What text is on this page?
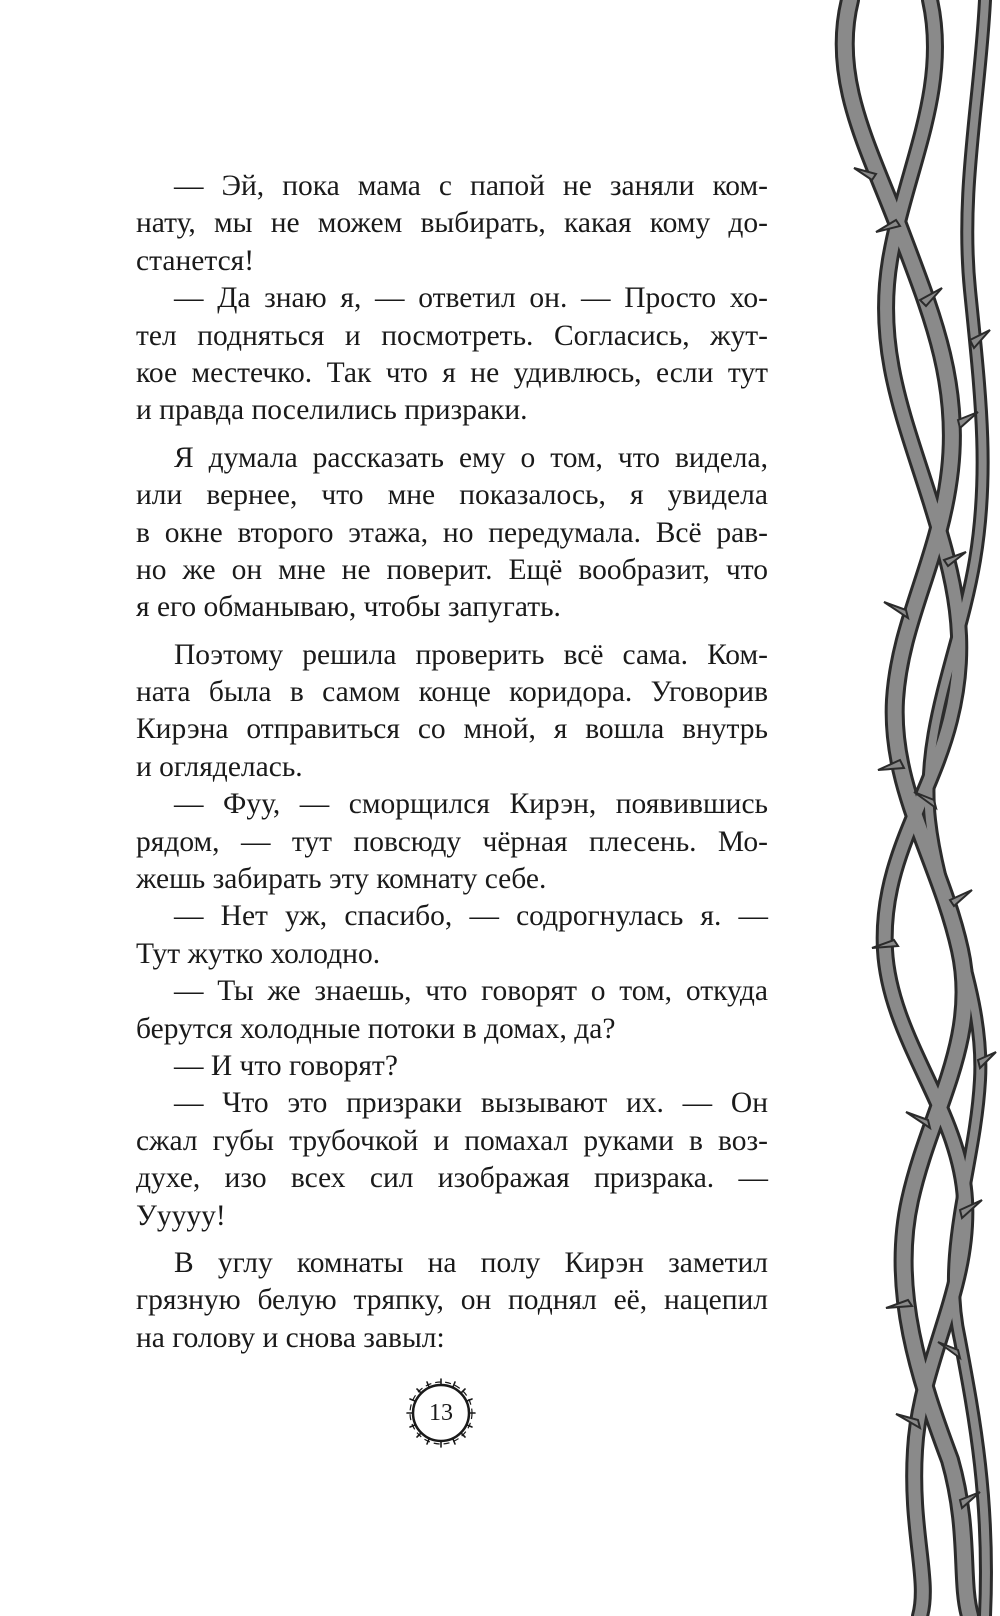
— Эй, пока мама с папой не заняли ком-
нату, мы не можем выбирать, какая кому до-
станется!
— Да знаю я, — ответил он. — Просто хо-
тел подняться и посмотреть. Согласись, жут-
кое местечко. Так что я не удивлюсь, если тут
и правда поселились призраки.
Я думала рассказать ему о том, что видела,
или вернее, что мне показалось, я увидела
в окне второго этажа, но передумала. Всё рав-
но же он мне не поверит. Ещё вообразит, что
я его обманываю, чтобы запугать.
Поэтому решила проверить всё сама. Ком-
ната была в самом конце коридора. Уговорив
Кирэна отправиться со мной, я вошла внутрь
и огляделась.
— Фуу, — сморщился Кирэн, появившись
рядом, — тут повсюду чёрная плесень. Мо-
жешь забирать эту комнату себе.
— Нет уж, спасибо, — содрогнулась я. —
Тут жутко холодно.
— Ты же знаешь, что говорят о том, откуда
берутся холодные потоки в домах, да?
— И что говорят?
— Что это призраки вызывают их. — Он
сжал губы трубочкой и помахал руками в воз-
духе, изо всех сил изображая призрака. —
Ууууу!
В углу комнаты на полу Кирэн заметил
грязную белую тряпку, он поднял её, нацепил
на голову и снова завыл:
13
